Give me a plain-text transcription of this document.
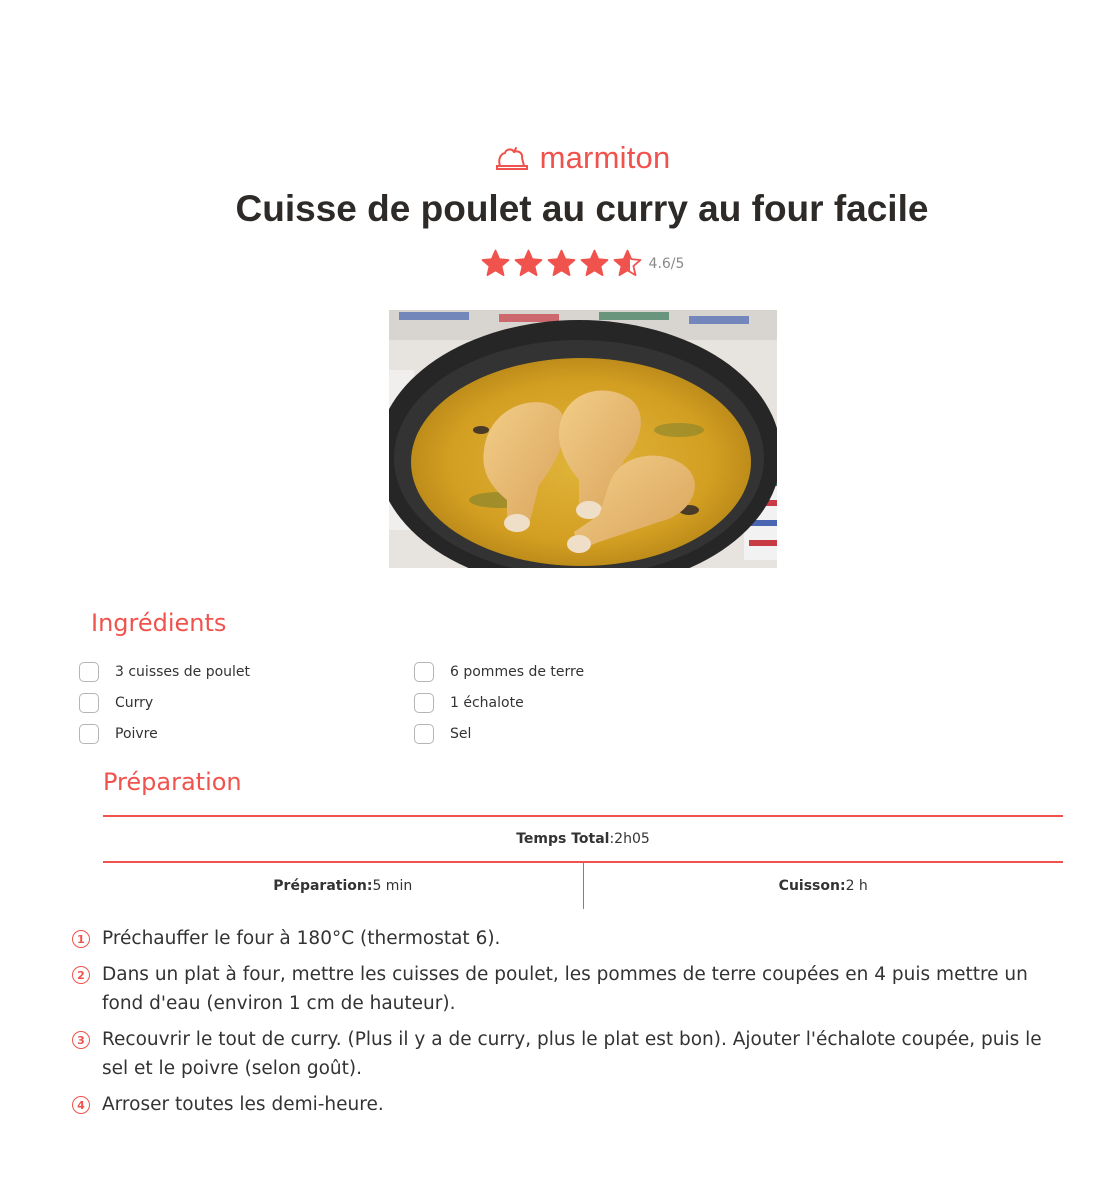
marmiton
Cuisse de poulet au curry au four facile
4.6/5
Ingrédients
3 cuisses de poulet	6 pommes de terre
Curry	1 échalote
Poivre	Sel
Préparation
Temps Total : 2h05
Préparation : 5 min	Cuisson : 2 h
1 Préchauffer le four à 180°C (thermostat 6).
2 Dans un plat à four, mettre les cuisses de poulet, les pommes de terre coupées en 4 puis mettre un fond d'eau (environ 1 cm de hauteur).
3 Recouvrir le tout de curry. (Plus il y a de curry, plus le plat est bon). Ajouter l'échalote coupée, puis le sel et le poivre (selon goût).
4 Arroser toutes les demi-heure.
